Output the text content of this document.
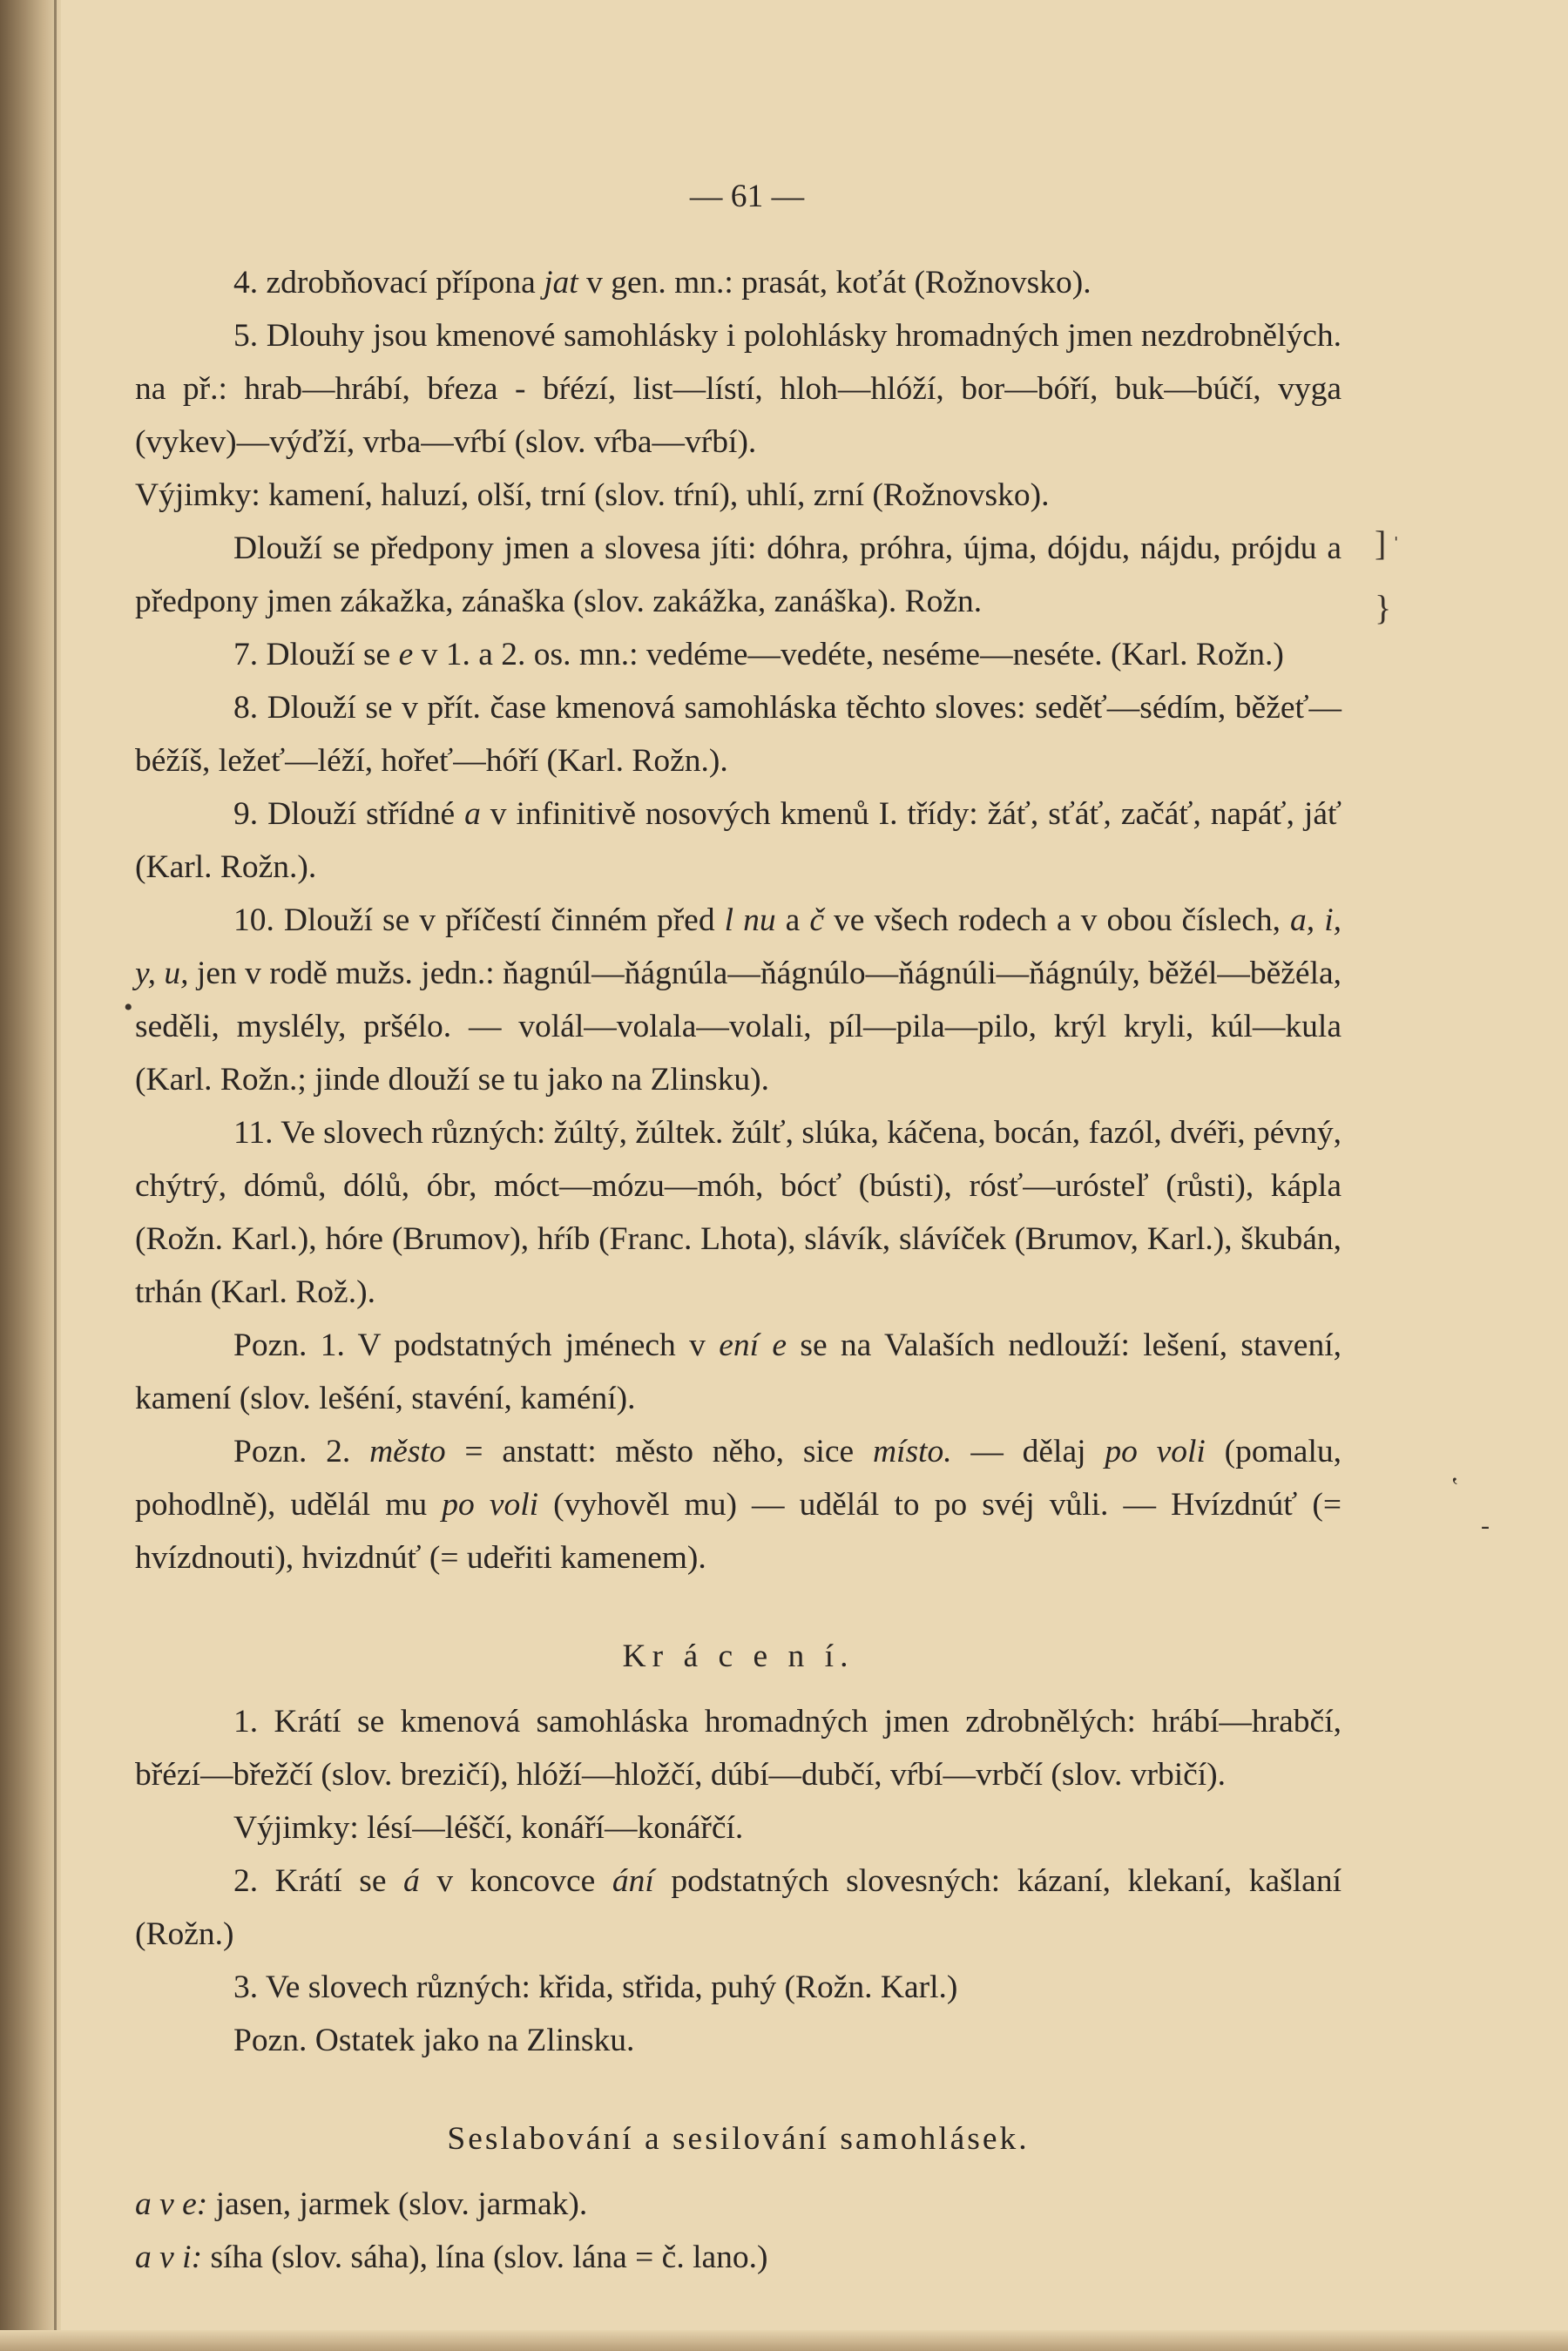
] ˈ
}
‛
-
•
— 61 —

4. zdrobňovací přípona jat v gen. mn.: prasát, koťát (Rožnovsko).

5. Dlouhy jsou kmenové samohlásky i polohlásky hromadných jmen nezdrobnělých. na př.: hrab—hrábí, bŕeza - bŕézí, list—lístí, hloh—hlóží, bor—bóří, buk—búčí, vyga (vykev)—výďží, vrba—vŕbí (slov. vŕba—vŕbí).

Výjimky: kamení, haluzí, olší, trní (slov. tŕní), uhlí, zrní (Rožnovsko).

Dlouží se předpony jmen a slovesa jíti: dóhra, próhra, újma, dójdu, nájdu, prójdu a předpony jmen zákažka, zánaška (slov. zakážka, zanáška). Rožn.

7. Dlouží se e v 1. a 2. os. mn.: vedéme—vedéte, neséme—neséte. (Karl. Rožn.)

8. Dlouží se v přít. čase kmenová samohláska těchto sloves: seděť—sédím, běžeť—béžíš, ležeť—léží, hořeť—hóří (Karl. Rožn.).

9. Dlouží střídné a v infinitivě nosových kmenů I. třídy: žáť, sťáť, začáť, napáť, jáť (Karl. Rožn.).

10. Dlouží se v příčestí činném před l nu a č ve všech rodech a v obou číslech, a, i, y, u, jen v rodě mužs. jedn.: ňagnúl—ňágnúla—ňágnúlo—ňágnúli—ňágnúly, běžél—běžéla, seděli, myslély, pršélo. — volál—volala—volali, píl—pila—pilo, krýl kryli, kúl—kula (Karl. Rožn.; jinde dlouží se tu jako na Zlinsku).

11. Ve slovech různých: žúltý, žúltek. žúlť, slúka, káčena, bocán, fazól, dvéři, pévný, chýtrý, dómů, dólů, óbr, móct—mózu—móh, bócť (bústi), rósť—urósteľ (růsti), kápla (Rožn. Karl.), hóre (Brumov), hŕíb (Franc. Lhota), slávík, slávíček (Brumov, Karl.), škubán, trhán (Karl. Rož.).

Pozn. 1. V podstatných jménech v ení e se na Valaších nedlouží: lešení, stavení, kamení (slov. lešéní, stavéní, kaméní).

Pozn. 2. město = anstatt: město něho, sice místo. — dělaj po voli (pomalu, pohodlně), udělál mu po voli (vyhověl mu) — udělál to po svéj vůli. — Hvízdnúť (= hvízdnouti), hvizdnúť (= udeřiti kamenem).

Kr á c e n í.

1. Krátí se kmenová samohláska hromadných jmen zdrobnělých: hrábí—hrabčí, břézí—břežčí (slov. brezičí), hlóží—hložčí, dúbí—dubčí, vŕbí—vrbčí (slov. vrbičí).

Výjimky: lésí—léščí, konáří—konářčí.

2. Krátí se á v koncovce ání podstatných slovesných: kázaní, klekaní, kašlaní (Rožn.)

3. Ve slovech různých: křida, střida, puhý (Rožn. Karl.)

Pozn. Ostatek jako na Zlinsku.

Seslabování a sesilování samohlásek.

a v e: jasen, jarmek (slov. jarmak).

a v i: síha (slov. sáha), lína (slov. lána = č. lano.)
